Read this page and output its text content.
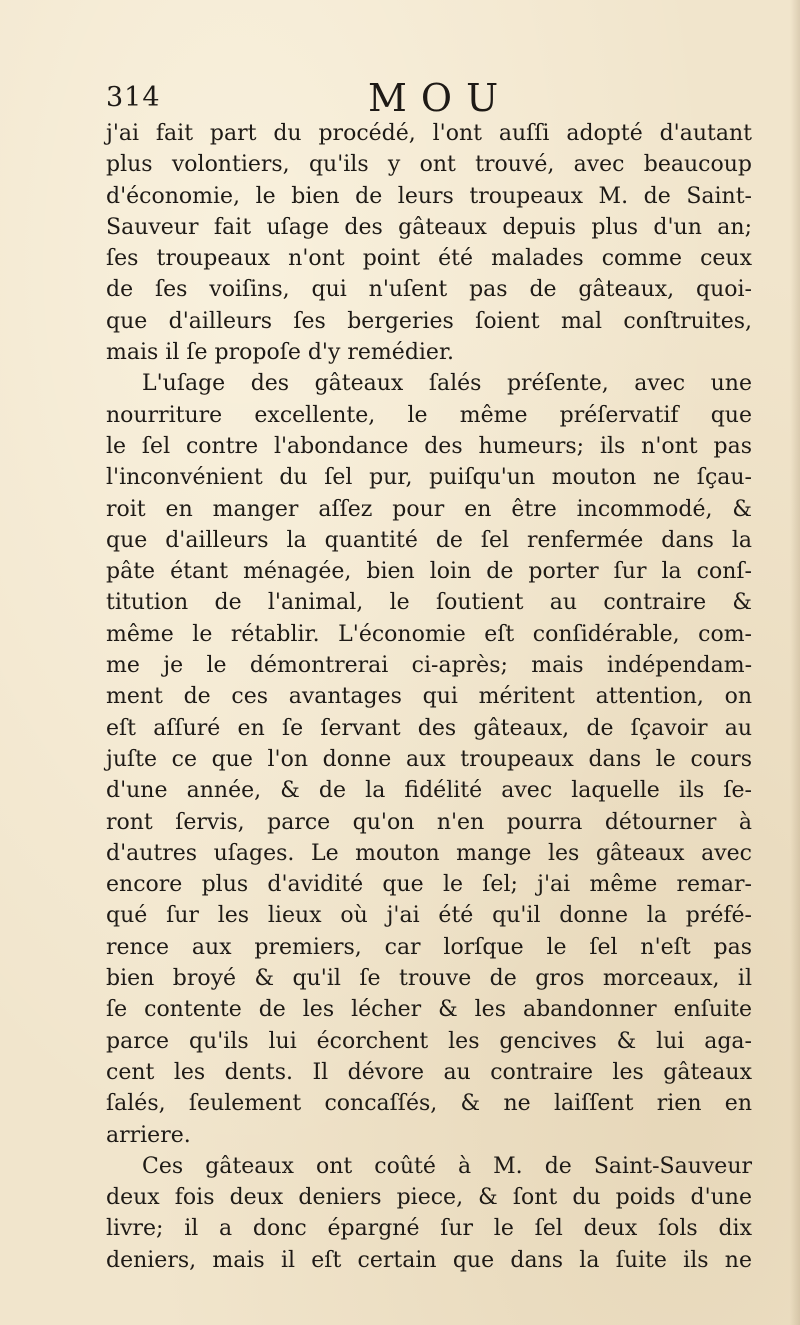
314	MOU
j'ai fait part du procédé, l'ont auſſi adopté d'autant
plus volontiers, qu'ils y ont trouvé, avec beaucoup
d'économie, le bien de leurs troupeaux M. de Saint-
Sauveur fait uſage des gâteaux depuis plus d'un an;
ſes troupeaux n'ont point été malades comme ceux
de ſes voiſins, qui n'uſent pas de gâteaux, quoi-
que d'ailleurs ſes bergeries ſoient mal conſtruites,
mais il ſe propoſe d'y remédier.
L'uſage des gâteaux ſalés préſente, avec une
nourriture excellente, le même préſervatif que
le ſel contre l'abondance des humeurs; ils n'ont pas
l'inconvénient du ſel pur, puiſqu'un mouton ne ſçau-
roit en manger aſſez pour en être incommodé, &
que d'ailleurs la quantité de ſel renfermée dans la
pâte étant ménagée, bien loin de porter ſur la conſ-
titution de l'animal, le ſoutient au contraire &
même le rétablir. L'économie eſt conſidérable, com-
me je le démontrerai ci-après; mais indépendam-
ment de ces avantages qui méritent attention, on
eſt aſſuré en ſe ſervant des gâteaux, de ſçavoir au
juſte ce que l'on donne aux troupeaux dans le cours
d'une année, & de la fidélité avec laquelle ils ſe-
ront ſervis, parce qu'on n'en pourra détourner à
d'autres uſages. Le mouton mange les gâteaux avec
encore plus d'avidité que le ſel; j'ai même remar-
qué ſur les lieux où j'ai été qu'il donne la préfé-
rence aux premiers, car lorſque le ſel n'eſt pas
bien broyé & qu'il ſe trouve de gros morceaux, il
ſe contente de les lécher & les abandonner enſuite
parce qu'ils lui écorchent les gencives & lui aga-
cent les dents. Il dévore au contraire les gâteaux
ſalés, ſeulement concaſſés, & ne laiſſent rien en
arriere.
Ces gâteaux ont coûté à M. de Saint-Sauveur
deux fois deux deniers piece, & ſont du poids d'une
livre; il a donc épargné ſur le ſel deux ſols dix
deniers, mais il eſt certain que dans la ſuite ils ne
